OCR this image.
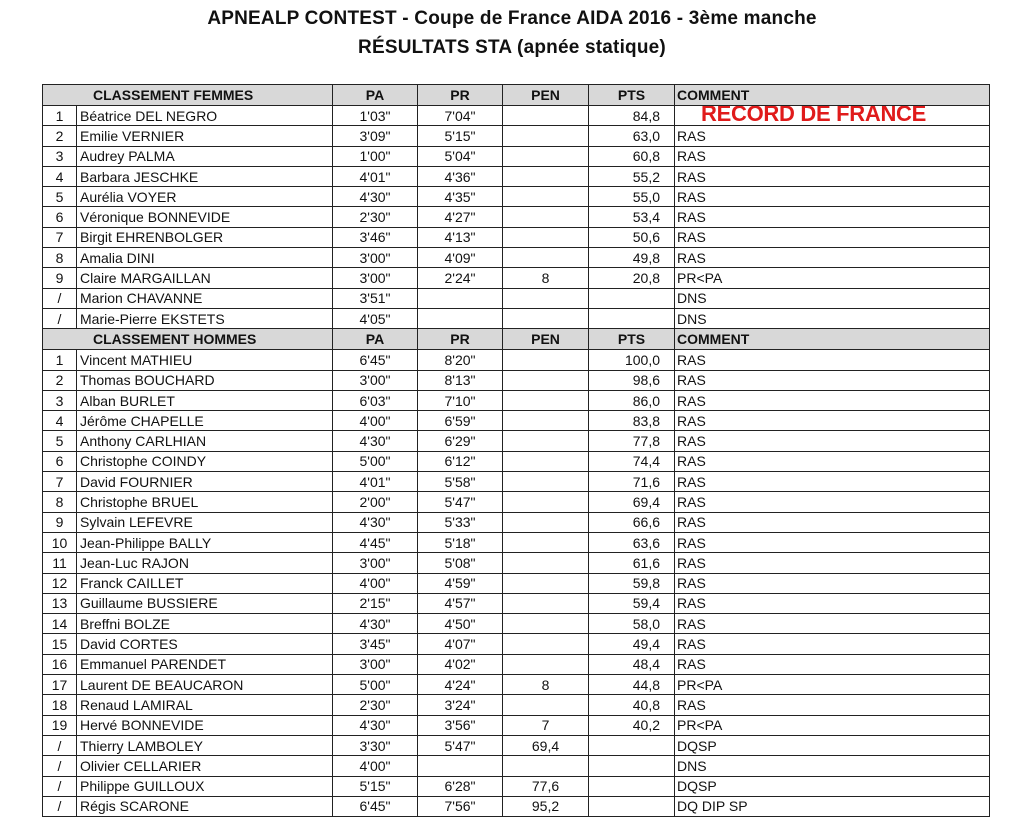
APNEALP CONTEST - Coupe de France AIDA 2016 - 3ème manche
RÉSULTATS STA (apnée statique)
CLASSEMENT FEMMES		PA	PR	PEN	PTS	COMMENT
1	Béatrice DEL NEGRO	1'03"	7'04"		84,8	RECORD DE FRANCE
2	Emilie VERNIER	3'09"	5'15"		63,0	RAS
3	Audrey PALMA	1'00"	5'04"		60,8	RAS
4	Barbara JESCHKE	4'01"	4'36"		55,2	RAS
5	Aurélia VOYER	4'30"	4'35"		55,0	RAS
6	Véronique BONNEVIDE	2'30"	4'27"		53,4	RAS
7	Birgit EHRENBOLGER	3'46"	4'13"		50,6	RAS
8	Amalia DINI	3'00"	4'09"		49,8	RAS
9	Claire MARGAILLAN	3'00"	2'24"	8	20,8	PR<PA
/	Marion CHAVANNE	3'51"				DNS
/	Marie-Pierre EKSTETS	4'05"				DNS
CLASSEMENT HOMMES		PA	PR	PEN	PTS	COMMENT
1	Vincent MATHIEU	6'45"	8'20"		100,0	RAS
2	Thomas BOUCHARD	3'00"	8'13"		98,6	RAS
3	Alban BURLET	6'03"	7'10"		86,0	RAS
4	Jérôme CHAPELLE	4'00"	6'59"		83,8	RAS
5	Anthony CARLHIAN	4'30"	6'29"		77,8	RAS
6	Christophe COINDY	5'00"	6'12"		74,4	RAS
7	David FOURNIER	4'01"	5'58"		71,6	RAS
8	Christophe BRUEL	2'00"	5'47"		69,4	RAS
9	Sylvain LEFEVRE	4'30"	5'33"		66,6	RAS
10	Jean-Philippe BALLY	4'45"	5'18"		63,6	RAS
11	Jean-Luc RAJON	3'00"	5'08"		61,6	RAS
12	Franck CAILLET	4'00"	4'59"		59,8	RAS
13	Guillaume BUSSIERE	2'15"	4'57"		59,4	RAS
14	Breffni BOLZE	4'30"	4'50"		58,0	RAS
15	David CORTES	3'45"	4'07"		49,4	RAS
16	Emmanuel PARENDET	3'00"	4'02"		48,4	RAS
17	Laurent DE BEAUCARON	5'00"	4'24"	8	44,8	PR<PA
18	Renaud LAMIRAL	2'30"	3'24"		40,8	RAS
19	Hervé BONNEVIDE	4'30"	3'56"	7	40,2	PR<PA
/	Thierry LAMBOLEY	3'30"	5'47"	69,4		DQSP
/	Olivier CELLARIER	4'00"				DNS
/	Philippe GUILLOUX	5'15"	6'28"	77,6		DQSP
/	Régis SCARONE	6'45"	7'56"	95,2		DQ DIP SP
